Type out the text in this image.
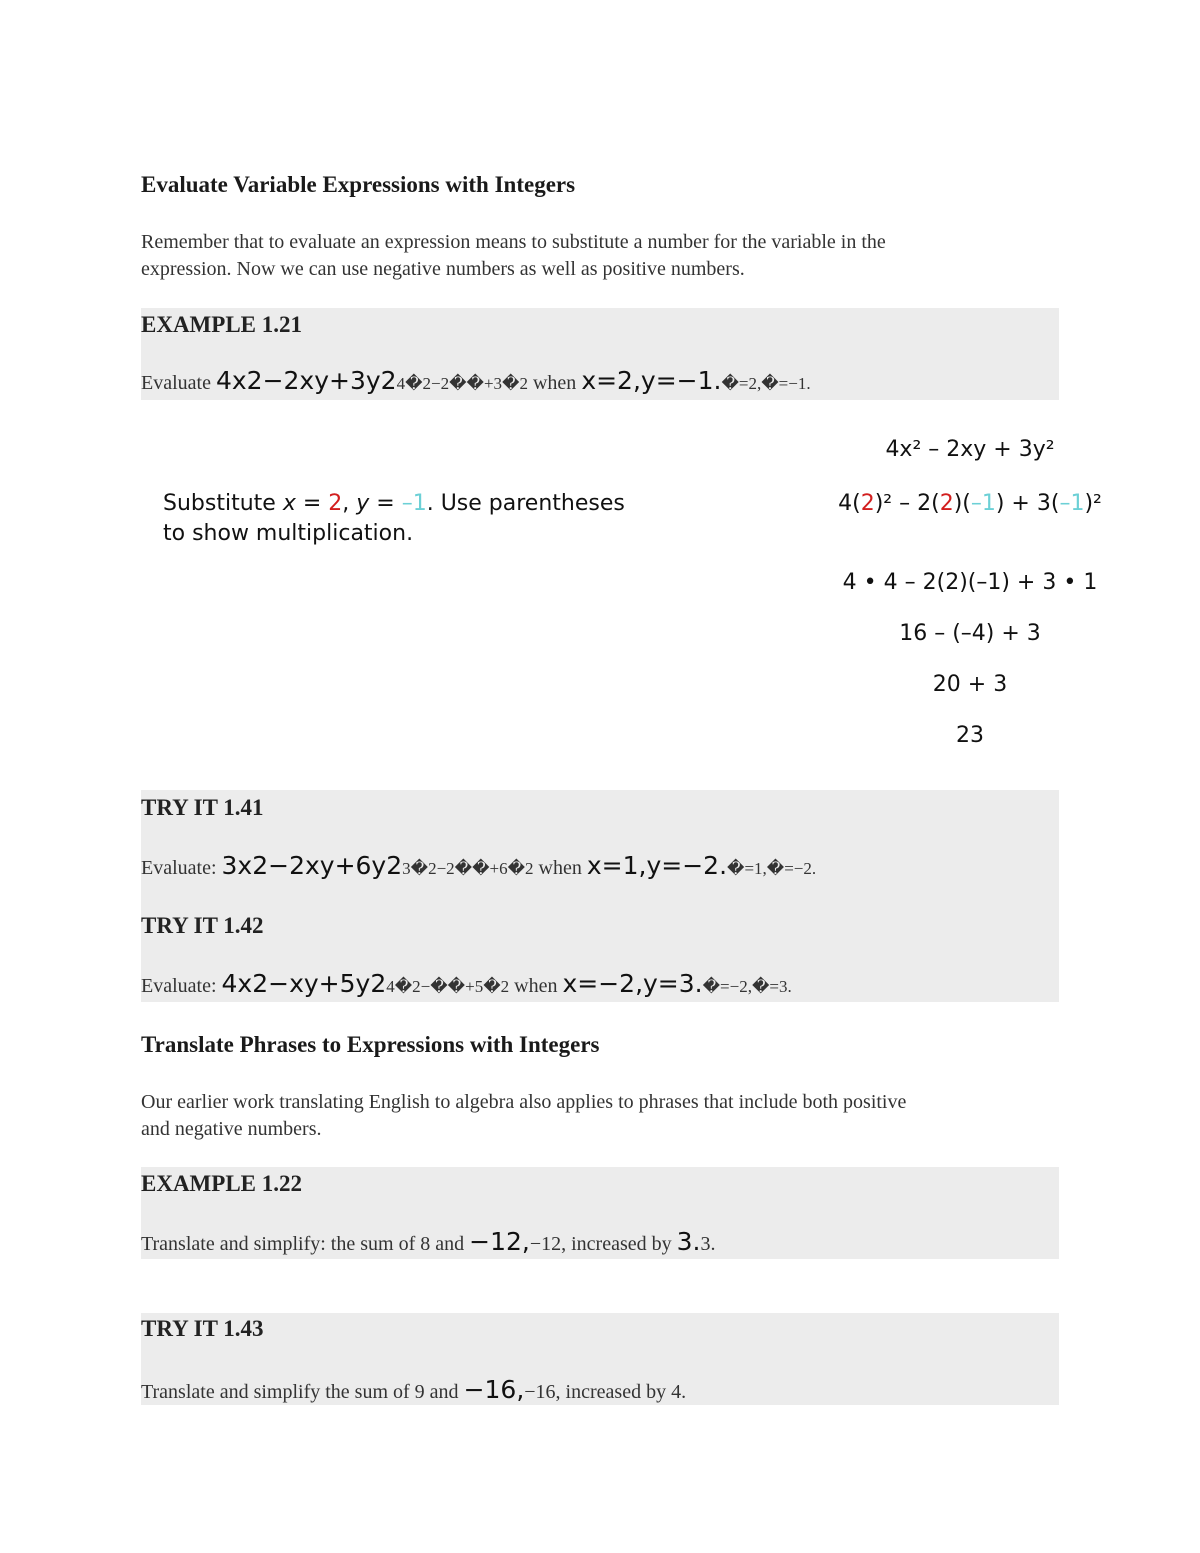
Evaluate Variable Expressions with Integers
Remember that to evaluate an expression means to substitute a number for the variable in the
expression. Now we can use negative numbers as well as positive numbers.
EXAMPLE 1.21
Evaluate 4x2−2xy+3y24�2−2��+3�2 when x=2,y=−1.�=2,�=−1.
Substitute x = 2, y = –1. Use parentheses
to show multiplication.
4x² – 2xy + 3y²
4(2)² – 2(2)(–1) + 3(–1)²
4 • 4 – 2(2)(–1) + 3 • 1
16 – (–4) + 3
20 + 3
23
TRY IT 1.41
Evaluate: 3x2−2xy+6y23�2−2��+6�2 when x=1,y=−2.�=1,�=−2.
TRY IT 1.42
Evaluate: 4x2−xy+5y24�2−��+5�2 when x=−2,y=3.�=−2,�=3.
Translate Phrases to Expressions with Integers
Our earlier work translating English to algebra also applies to phrases that include both positive
and negative numbers.
EXAMPLE 1.22
Translate and simplify: the sum of 8 and −12,−12, increased by 3.3.
TRY IT 1.43
Translate and simplify the sum of 9 and −16,−16, increased by 4.
